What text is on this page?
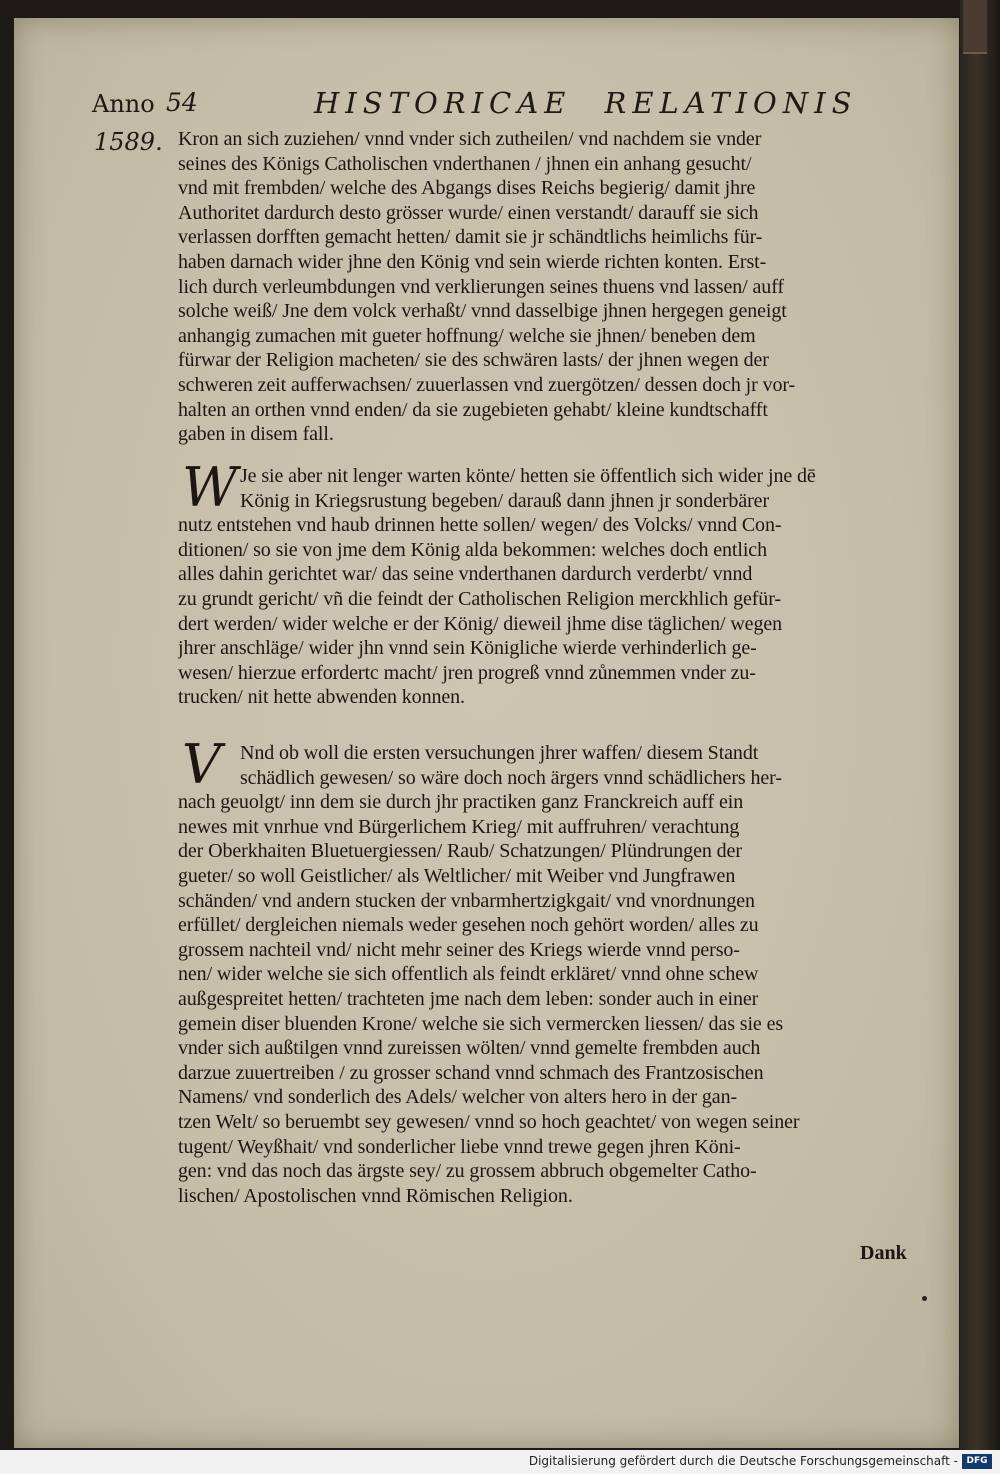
Anno 54	HISTORICAE RELATIONIS
1589. Kron an sich zuziehen/ vnnd vnder sich zutheilen/ vnd nachdem sie vnder
seines des Königs Catholischen vnderthanen / jhnen ein anhang gesucht/
vnd mit frembden/ welche des Abgangs dises Reichs begierig/ damit jhre
Authoritet dardurch desto grösser wurde/ einen verstandt/ darauff sie sich
verlassen dorfften gemacht hetten/ damit sie jr schändtlichs heimlichs für-
haben darnach wider jhne den König vnd sein wierde richten konten. Erst-
lich durch verleumbdungen vnd verklierungen seines thuens vnd lassen/ auff
solche weiß/ Jne dem volck verhaßt/ vnnd dasselbige jhnen hergegen geneigt
anhangig zumachen mit gueter hoffnung/ welche sie jhnen/ beneben dem
fürwar der Religion macheten/ sie des schwären lasts/ der jhnen wegen der
schweren zeit aufferwachsen/ zuuerlassen vnd zuergötzen/ dessen doch jr vor-
halten an orthen vnnd enden/ da sie zugebieten gehabt/ kleine kundtschafft
gaben in disem fall.
W Je sie aber nit lenger warten könte/ hetten sie öffentlich sich wider jne dē
König in Kriegsrustung begeben/ darauß dann jhnen jr sonderbärer
nutz entstehen vnd haub drinnen hette sollen/ wegen/ des Volcks/ vnnd Con-
ditionen/ so sie von jme dem König alda bekommen: welches doch entlich
alles dahin gerichtet war/ das seine vnderthanen dardurch verderbt/ vnnd
zu grundt gericht/ vñ die feindt der Catholischen Religion merckhlich gefür-
dert werden/ wider welche er der König/ dieweil jhme dise täglichen/ wegen
jhrer anschläge/ wider jhn vnnd sein Königliche wierde verhinderlich ge-
wesen/ hierzue erfordertc macht/ jren progreß vnnd zůnemmen vnder zu-
trucken/ nit hette abwenden konnen.
V Nnd ob woll die ersten versuchungen jhrer waffen/ diesem Standt
schädlich gewesen/ so wäre doch noch ärgers vnnd schädlichers her-
nach geuolgt/ inn dem sie durch jhr practiken ganz Franckreich auff ein
newes mit vnrhue vnd Bürgerlichem Krieg/ mit auffruhren/ verachtung
der Oberkhaiten Bluetuergiessen/ Raub/ Schatzungen/ Plündrungen der
gueter/ so woll Geistlicher/ als Weltlicher/ mit Weiber vnd Jungfrawen
schänden/ vnd andern stucken der vnbarmhertzigkgait/ vnd vnordnungen
erfüllet/ dergleichen niemals weder gesehen noch gehört worden/ alles zu
grossem nachteil vnd/ nicht mehr seiner des Kriegs wierde vnnd perso-
nen/ wider welche sie sich offentlich als feindt erkläret/ vnnd ohne schew
außgespreitet hetten/ trachteten jme nach dem leben: sonder auch in einer
gemein diser bluenden Krone/ welche sie sich vermercken liessen/ das sie es
vnder sich außtilgen vnnd zureissen wölten/ vnnd gemelte frembden auch
darzue zuuertreiben / zu grosser schand vnnd schmach des Frantzosischen
Namens/ vnd sonderlich des Adels/ welcher von alters hero in der gan-
tzen Welt/ so beruembt sey gewesen/ vnnd so hoch geachtet/ von wegen seiner
tugent/ Weyßhait/ vnd sonderlicher liebe vnnd trewe gegen jhren Köni-
gen: vnd das noch das ärgste sey/ zu grossem abbruch obgemelter Catho-
lischen/ Apostolischen vnnd Römischen Religion.
Dank
Digitalisierung gefördert durch die Deutsche Forschungsgemeinschaft - DFG
